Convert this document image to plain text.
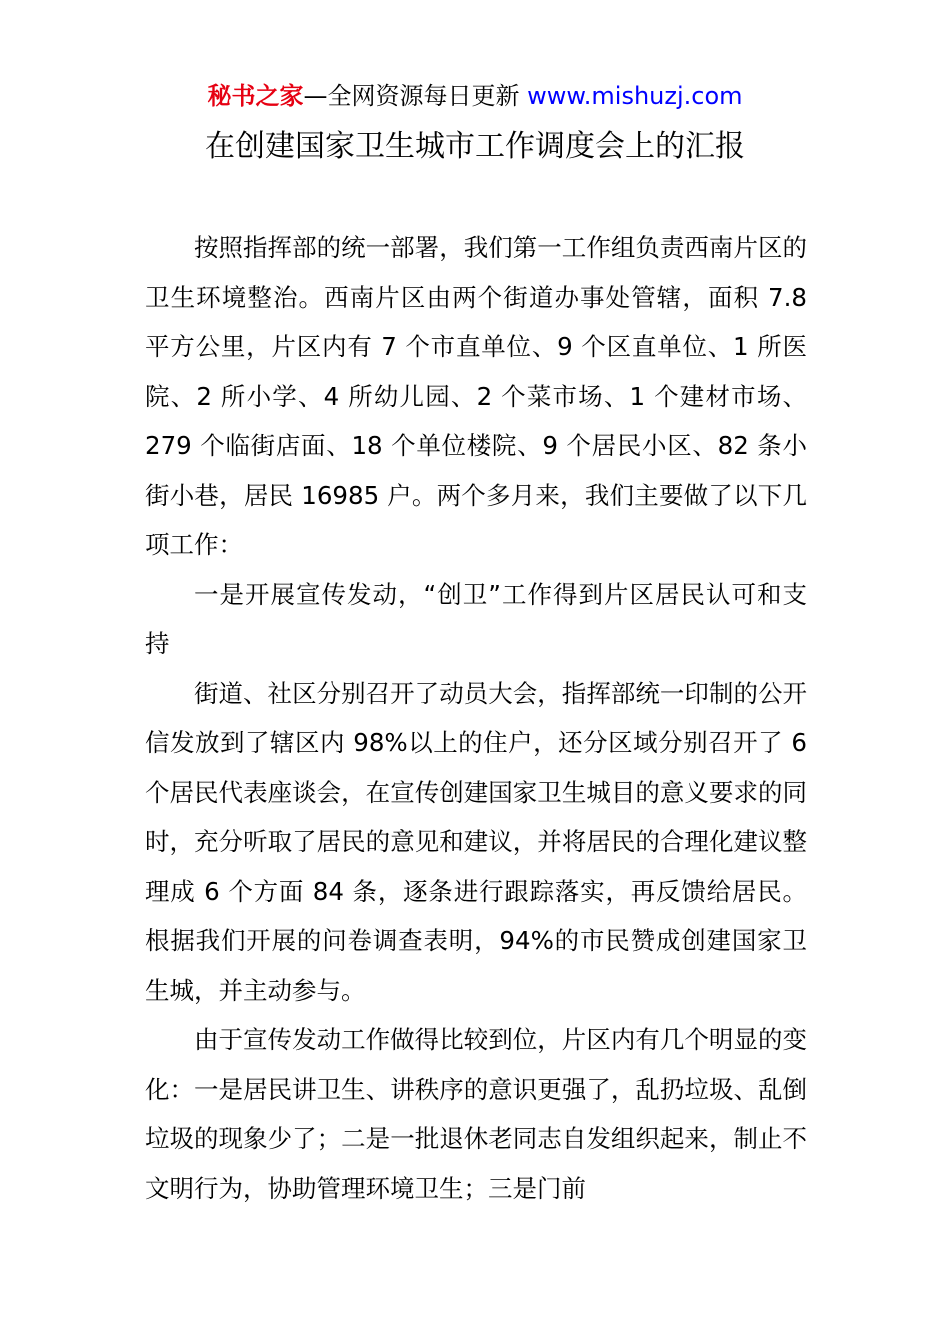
秘书之家—全网资源每日更新 www.mishuzj.com
在创建国家卫生城市工作调度会上的汇报

按照指挥部的统一部署，我们第一工作组负责西南片区的卫生环境整治。西南片区由两个街道办事处管辖，面积 7.8 平方公里，片区内有 7 个市直单位、9 个区直单位、1 所医院、2 所小学、4 所幼儿园、2 个菜市场、1 个建材市场、279 个临街店面、18 个单位楼院、9 个居民小区、82 条小街小巷，居民 16985 户。两个多月来，我们主要做了以下几项工作：

一是开展宣传发动，“创卫”工作得到片区居民认可和支持

街道、社区分别召开了动员大会，指挥部统一印制的公开信发放到了辖区内 98%以上的住户，还分区域分别召开了 6 个居民代表座谈会，在宣传创建国家卫生城目的意义要求的同时，充分听取了居民的意见和建议，并将居民的合理化建议整理成 6 个方面 84 条，逐条进行跟踪落实，再反馈给居民。根据我们开展的问卷调查表明，94%的市民赞成创建国家卫生城，并主动参与。

由于宣传发动工作做得比较到位，片区内有几个明显的变化：一是居民讲卫生、讲秩序的意识更强了，乱扔垃圾、乱倒垃圾的现象少了；二是一批退休老同志自发组织起来，制止不文明行为，协助管理环境卫生；三是门前
